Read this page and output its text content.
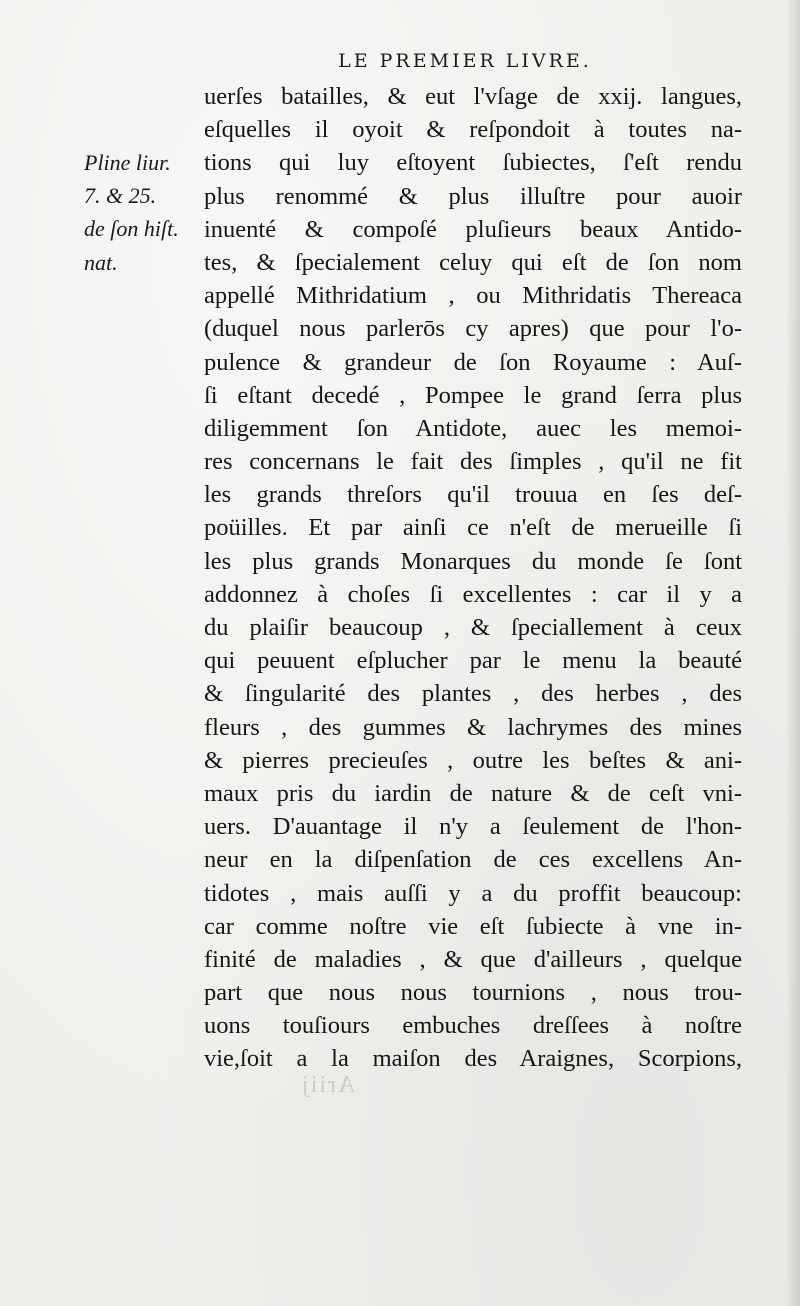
LE PREMIER LIVRE.
Pline liur.
7. & 25.
de ſon hiſt.
nat.
uerſes batailles, & eut l'vſage de xxij. langues,
eſquelles il oyoit & reſpondoit à toutes na-
tions qui luy eſtoyent ſubiectes, ſ'eſt rendu
plus renommé & plus illuſtre pour auoir
inuenté & compoſé pluſieurs beaux Antido-
tes, & ſpecialement celuy qui eſt de ſon nom
appellé Mithridatium , ou Mithridatis Thereaca
(duquel nous parlerōs cy apres) que pour l'o-
pulence & grandeur de ſon Royaume : Auſ-
ſi eſtant decedé , Pompee le grand ſerra plus
diligemment ſon Antidote, auec les memoi-
res concernans le fait des ſimples , qu'il ne fit
les grands threſors qu'il trouua en ſes deſ-
poüilles. Et par ainſi ce n'eſt de merueille ſi
les plus grands Monarques du monde ſe ſont
addonnez à choſes ſi excellentes : car il y a
du plaiſir beaucoup , & ſpeciallement à ceux
qui peuuent eſplucher par le menu la beauté
& ſingularité des plantes , des herbes , des
fleurs , des gummes & lachrymes des mines
& pierres precieuſes , outre les beſtes & ani-
maux pris du iardin de nature & de ceſt vni-
uers. D'auantage il n'y a ſeulement de l'hon-
neur en la diſpenſation de ces excellens An-
tidotes , mais auſſi y a du proffit beaucoup:
car comme noſtre vie eſt ſubiecte à vne in-
finité de maladies , & que d'ailleurs , quelque
part que nous nous tournions , nous trou-
uons touſiours embuches dreſſees à noſtre
vie,ſoit a la maiſon des Araignes, Scorpions,
Ariij
